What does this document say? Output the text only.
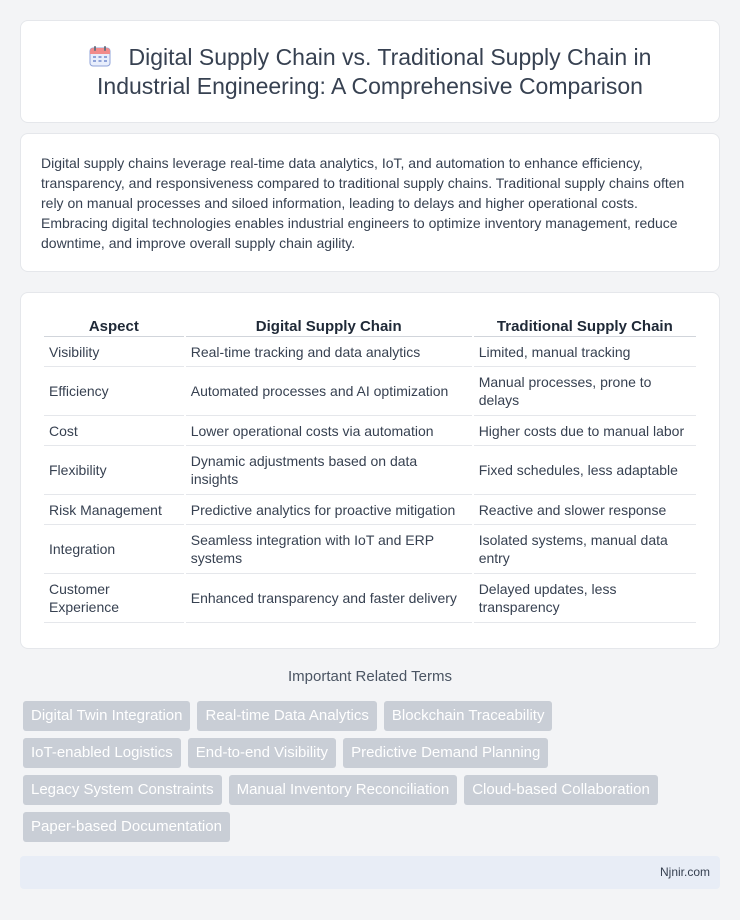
Digital Supply Chain vs. Traditional Supply Chain in Industrial Engineering: A Comprehensive Comparison

Digital supply chains leverage real-time data analytics, IoT, and automation to enhance efficiency, transparency, and responsiveness compared to traditional supply chains. Traditional supply chains often rely on manual processes and siloed information, leading to delays and higher operational costs. Embracing digital technologies enables industrial engineers to optimize inventory management, reduce downtime, and improve overall supply chain agility.

Aspect	Digital Supply Chain	Traditional Supply Chain
Visibility	Real-time tracking and data analytics	Limited, manual tracking
Efficiency	Automated processes and AI optimization	Manual processes, prone to delays
Cost	Lower operational costs via automation	Higher costs due to manual labor
Flexibility	Dynamic adjustments based on data insights	Fixed schedules, less adaptable
Risk Management	Predictive analytics for proactive mitigation	Reactive and slower response
Integration	Seamless integration with IoT and ERP systems	Isolated systems, manual data entry
Customer Experience	Enhanced transparency and faster delivery	Delayed updates, less transparency
Important Related Terms
Digital Twin Integration	Real-time Data Analytics	Blockchain Traceability
IoT-enabled Logistics	End-to-end Visibility	Predictive Demand Planning
Legacy System Constraints	Manual Inventory Reconciliation	Cloud-based Collaboration
Paper-based Documentation
Njnir.com
